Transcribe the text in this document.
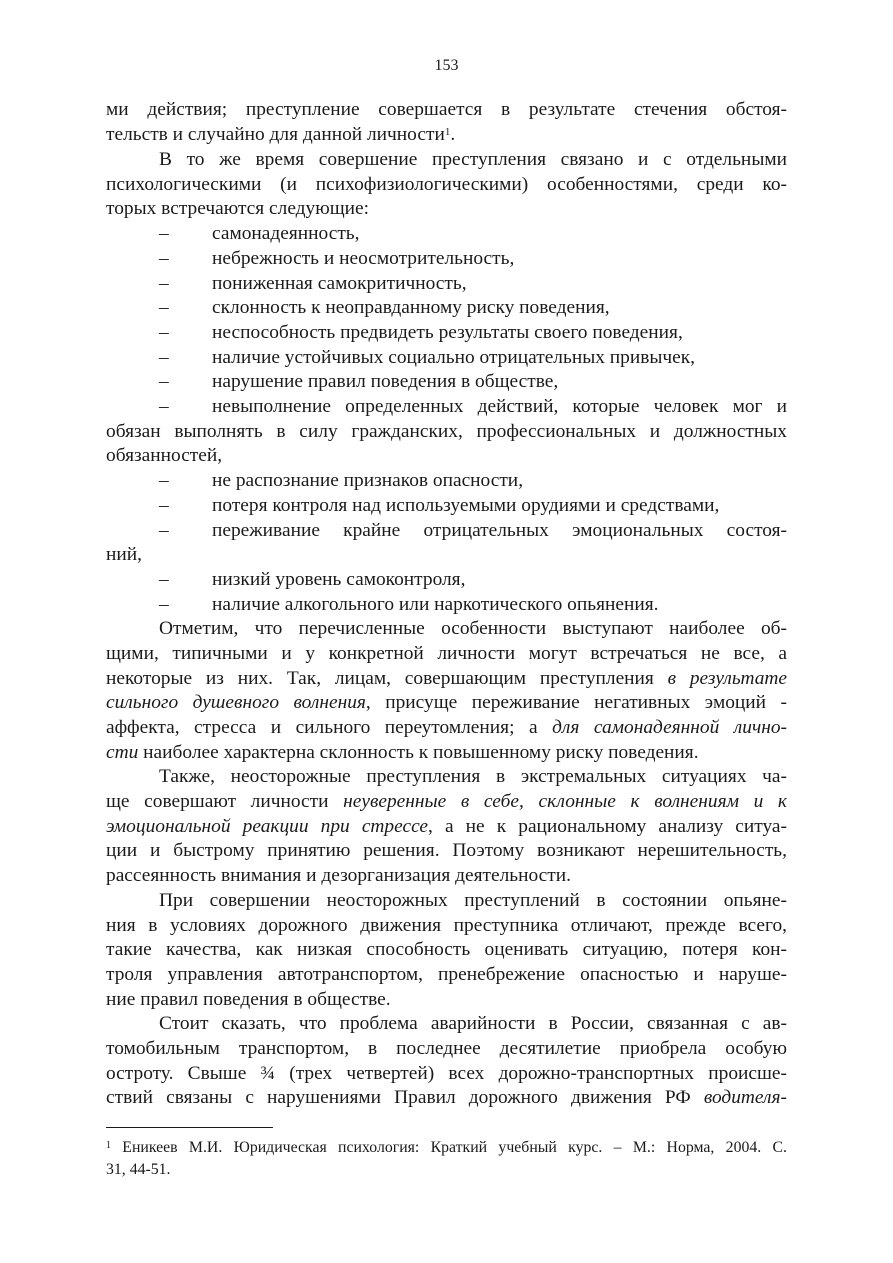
153
ми действия; преступление совершается в результате стечения обстоя-
тельств и случайно для данной личности$^1$.
В то же время совершение преступления связано и с отдельными
психологическими (и психофизиологическими) особенностями, среди ко-
торых встречаются следующие:
– самонадеянность,
– небрежность и неосмотрительность,
– пониженная самокритичность,
– склонность к неоправданному риску поведения,
– неспособность предвидеть результаты своего поведения,
– наличие устойчивых социально отрицательных привычек,
– нарушение правил поведения в обществе,
– невыполнение определенных действий, которые человек мог и
обязан выполнять в силу гражданских, профессиональных и должностных
обязанностей,
– не распознание признаков опасности,
– потеря контроля над используемыми орудиями и средствами,
– переживание крайне отрицательных эмоциональных состоя-
ний,
– низкий уровень самоконтроля,
– наличие алкогольного или наркотического опьянения.
Отметим, что перечисленные особенности выступают наиболее об-
щими, типичными и у конкретной личности могут встречаться не все, а
некоторые из них. Так, лицам, совершающим преступления в результате
сильного душевного волнения, присуще переживание негативных эмоций -
аффекта, стресса и сильного переутомления; а для самонадеянной лично-
сти наиболее характерна склонность к повышенному риску поведения.
Также, неосторожные преступления в экстремальных ситуациях ча-
ще совершают личности неуверенные в себе, склонные к волнениям и к
эмоциональной реакции при стрессе, а не к рациональному анализу ситуа-
ции и быстрому принятию решения. Поэтому возникают нерешительность,
рассеянность внимания и дезорганизация деятельности.
При совершении неосторожных преступлений в состоянии опьяне-
ния в условиях дорожного движения преступника отличают, прежде всего,
такие качества, как низкая способность оценивать ситуацию, потеря кон-
троля управления автотранспортом, пренебрежение опасностью и наруше-
ние правил поведения в обществе.
Стоит сказать, что проблема аварийности в России, связанная с ав-
томобильным транспортом, в последнее десятилетие приобрела особую
остроту. Свыше ¾ (трех четвертей) всех дорожно-транспортных происше-
ствий связаны с нарушениями Правил дорожного движения РФ водителя-
$^1$ Еникеев М.И. Юридическая психология: Краткий учебный курс. – М.: Норма, 2004. С.
31, 44-51.
